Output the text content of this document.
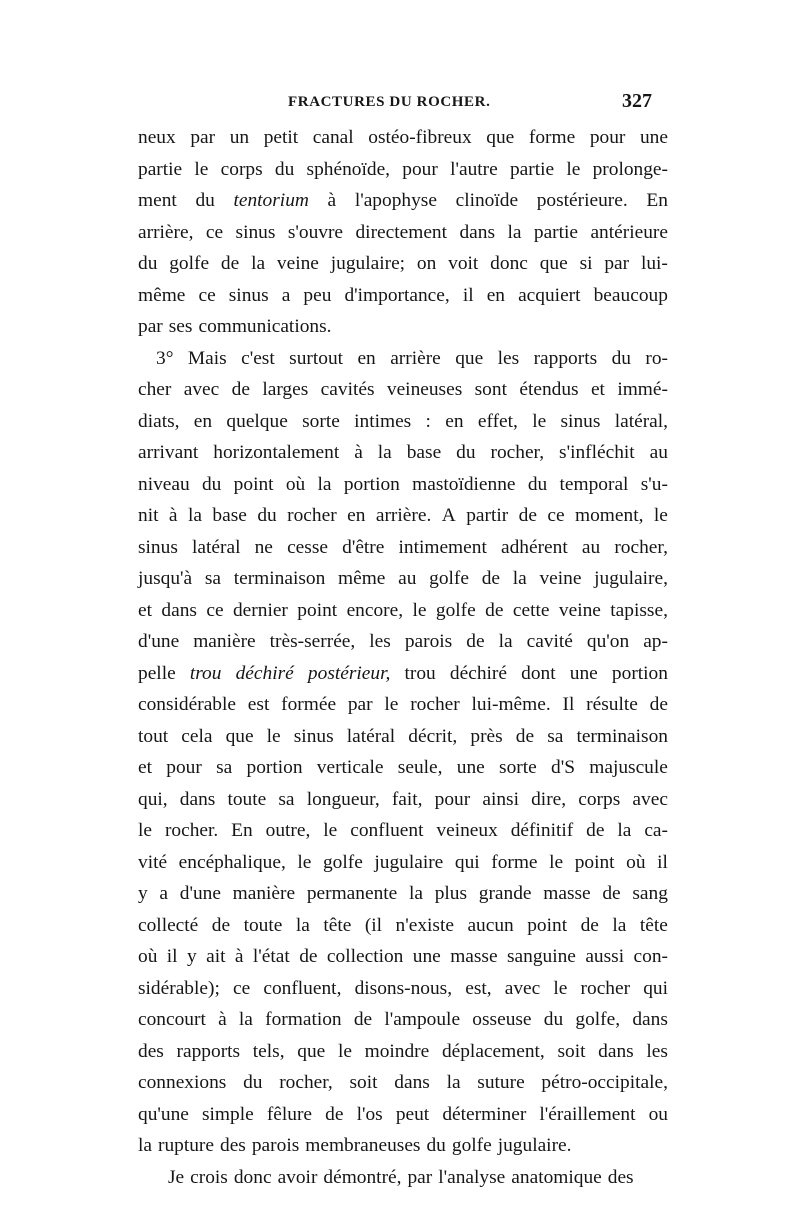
FRACTURES DU ROCHER.	327
neux par un petit canal ostéo-fibreux que forme pour une
partie le corps du sphénoïde, pour l'autre partie le prolonge-
ment du tentorium à l'apophyse clinoïde postérieure. En
arrière, ce sinus s'ouvre directement dans la partie antérieure
du golfe de la veine jugulaire; on voit donc que si par lui-
même ce sinus a peu d'importance, il en acquiert beaucoup
par ses communications.
3° Mais c'est surtout en arrière que les rapports du ro-
cher avec de larges cavités veineuses sont étendus et immé-
diats, en quelque sorte intimes : en effet, le sinus latéral,
arrivant horizontalement à la base du rocher, s'infléchit au
niveau du point où la portion mastoïdienne du temporal s'u-
nit à la base du rocher en arrière. A partir de ce moment, le
sinus latéral ne cesse d'être intimement adhérent au rocher,
jusqu'à sa terminaison même au golfe de la veine jugulaire,
et dans ce dernier point encore, le golfe de cette veine tapisse,
d'une manière très-serrée, les parois de la cavité qu'on ap-
pelle trou déchiré postérieur, trou déchiré dont une portion
considérable est formée par le rocher lui-même. Il résulte de
tout cela que le sinus latéral décrit, près de sa terminaison
et pour sa portion verticale seule, une sorte d'S majuscule
qui, dans toute sa longueur, fait, pour ainsi dire, corps avec
le rocher. En outre, le confluent veineux définitif de la ca-
vité encéphalique, le golfe jugulaire qui forme le point où il
y a d'une manière permanente la plus grande masse de sang
collecté de toute la tête (il n'existe aucun point de la tête
où il y ait à l'état de collection une masse sanguine aussi con-
sidérable); ce confluent, disons-nous, est, avec le rocher qui
concourt à la formation de l'ampoule osseuse du golfe, dans
des rapports tels, que le moindre déplacement, soit dans les
connexions du rocher, soit dans la suture pétro-occipitale,
qu'une simple fêlure de l'os peut déterminer l'éraillement ou
la rupture des parois membraneuses du golfe jugulaire.
Je crois donc avoir démontré, par l'analyse anatomique des
